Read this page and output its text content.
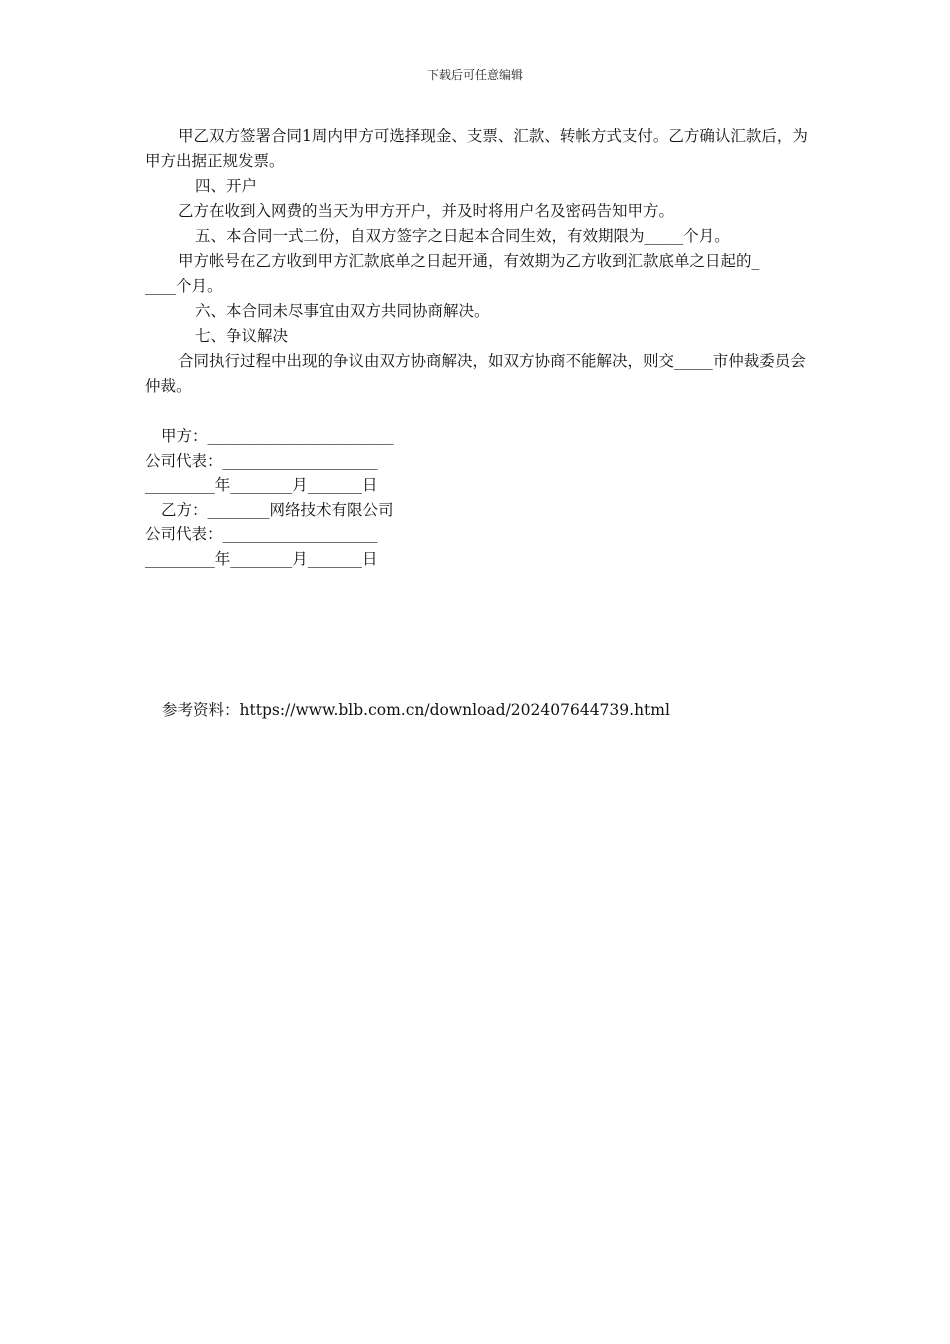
下载后可任意编辑
甲乙双方签署合同1周内甲方可选择现金、支票、汇款、转帐方式支付。乙方确认汇款后，为甲方出据正规发票。
四、开户
乙方在收到入网费的当天为甲方开户，并及时将用户名及密码告知甲方。
五、本合同一式二份，自双方签字之日起本合同生效，有效期限为_____个月。
甲方帐号在乙方收到甲方汇款底单之日起开通，有效期为乙方收到汇款底单之日起的_
____个月。
六、本合同未尽事宜由双方共同协商解决。
七、争议解决
合同执行过程中出现的争议由双方协商解决，如双方协商不能解决，则交_____市仲裁委员会仲裁。
甲方：________________________
公司代表：____________________
_________年________月_______日
乙方：________网络技术有限公司
公司代表：____________________
_________年________月_______日
参考资料：https://www.blb.com.cn/download/202407644739.html
